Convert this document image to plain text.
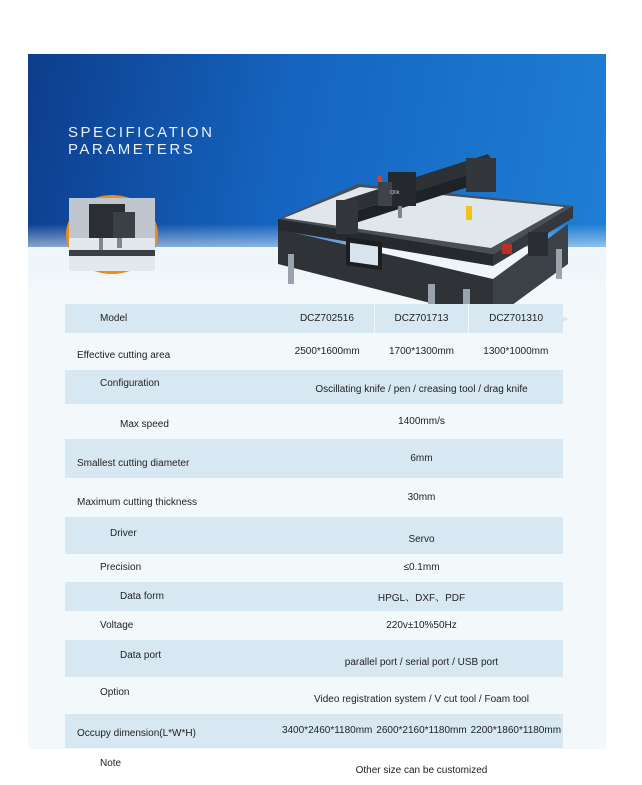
SPECIFICATION
PARAMETERS
Qlik
Model	DCZ702516	DCZ701713	DCZ701310
Effective cutting area	2500*1600mm	1700*1300mm	1300*1000mm
Configuration	Oscillating knife / pen / creasing tool / drag knife		
Max speed	1400mm/s		
Smallest cutting diameter	6mm		
Maximum cutting thickness	30mm		
Driver	Servo		
Precision	≤0.1mm		
Data form	HPGL、DXF、PDF		
Voltage	220v±10%50Hz		
Data port	parallel port / serial port / USB port		
Option	Video registration system / V cut tool / Foam tool		
Occupy dimension(L*W*H)	3400*2460*1180mm	2600*2160*1180mm	2200*1860*1180mm
Note	Other size can be customized		
